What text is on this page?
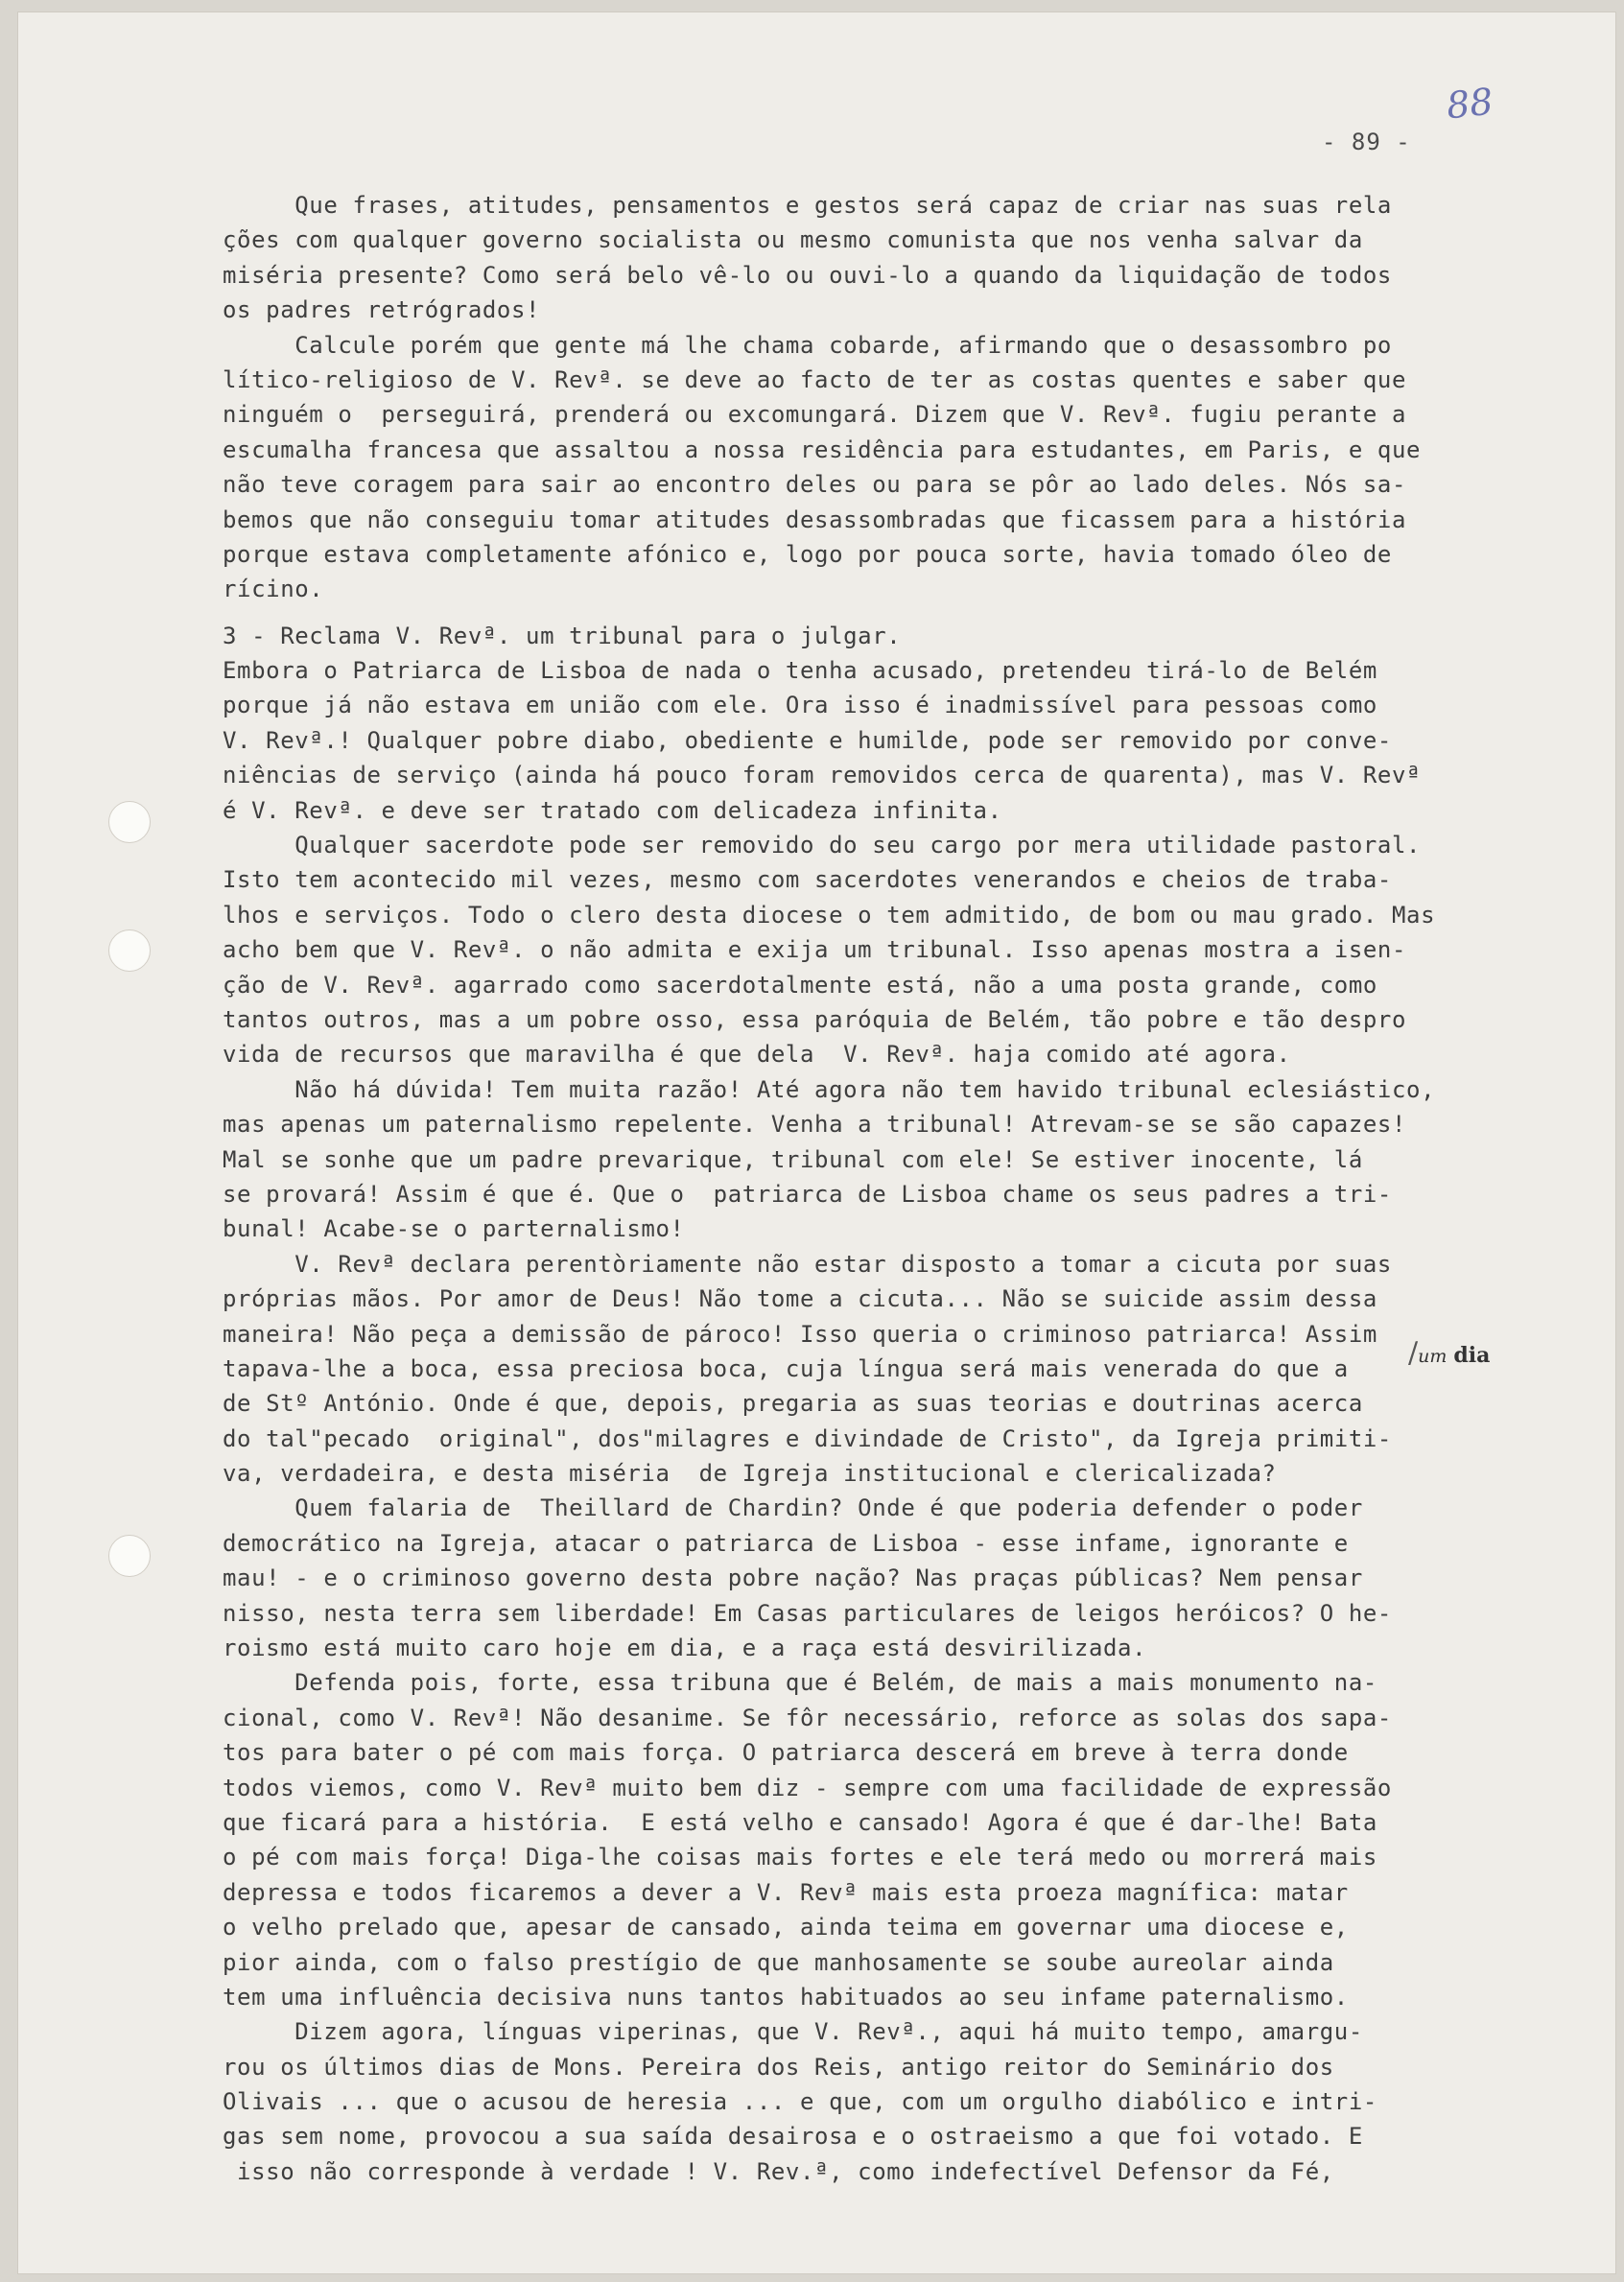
88
- 89 -
Que frases, atitudes, pensamentos e gestos será capaz de criar nas suas rela
ções com qualquer governo socialista ou mesmo comunista que nos venha salvar da
miséria presente? Como será belo vê-lo ou ouvi-lo a quando da liquidação de todos
os padres retrógrados!
Calcule porém que gente má lhe chama cobarde, afirmando que o desassombro po
lítico-religioso de V. Revª. se deve ao facto de ter as costas quentes e saber que
ninguém o  perseguirá, prenderá ou excomungará. Dizem que V. Revª. fugiu perante a
escumalha francesa que assaltou a nossa residência para estudantes, em Paris, e que
não teve coragem para sair ao encontro deles ou para se pôr ao lado deles. Nós sa-
bemos que não conseguiu tomar atitudes desassombradas que ficassem para a história
porque estava completamente afónico e, logo por pouca sorte, havia tomado óleo de
rícino.
3 - Reclama V. Revª. um tribunal para o julgar.
Embora o Patriarca de Lisboa de nada o tenha acusado, pretendeu tirá-lo de Belém
porque já não estava em união com ele. Ora isso é inadmissível para pessoas como
V. Revª.! Qualquer pobre diabo, obediente e humilde, pode ser removido por conve-
niências de serviço (ainda há pouco foram removidos cerca de quarenta), mas V. Revª
é V. Revª. e deve ser tratado com delicadeza infinita.
Qualquer sacerdote pode ser removido do seu cargo por mera utilidade pastoral.
Isto tem acontecido mil vezes, mesmo com sacerdotes venerandos e cheios de traba-
lhos e serviços. Todo o clero desta diocese o tem admitido, de bom ou mau grado. Mas
acho bem que V. Revª. o não admita e exija um tribunal. Isso apenas mostra a isen-
ção de V. Revª. agarrado como sacerdotalmente está, não a uma posta grande, como
tantos outros, mas a um pobre osso, essa paróquia de Belém, tão pobre e tão despro
vida de recursos que maravilha é que dela  V. Revª. haja comido até agora.
Não há dúvida! Tem muita razão! Até agora não tem havido tribunal eclesiástico,
mas apenas um paternalismo repelente. Venha a tribunal! Atrevam-se se são capazes!
Mal se sonhe que um padre prevarique, tribunal com ele! Se estiver inocente, lá
se provará! Assim é que é. Que o  patriarca de Lisboa chame os seus padres a tri-
bunal! Acabe-se o parternalismo!
V. Revª declara perentòriamente não estar disposto a tomar a cicuta por suas
próprias mãos. Por amor de Deus! Não tome a cicuta... Não se suicide assim dessa
maneira! Não peça a demissão de pároco! Isso queria o criminoso patriarca! Assim
tapava-lhe a boca, essa preciosa boca, cuja língua será mais venerada do que a
de Stº António. Onde é que, depois, pregaria as suas teorias e doutrinas acerca
do tal"pecado  original", dos"milagres e divindade de Cristo", da Igreja primiti-
va, verdadeira, e desta miséria  de Igreja institucional e clericalizada?
Quem falaria de  Theillard de Chardin? Onde é que poderia defender o poder
democrático na Igreja, atacar o patriarca de Lisboa - esse infame, ignorante e
mau! - e o criminoso governo desta pobre nação? Nas praças públicas? Nem pensar
nisso, nesta terra sem liberdade! Em Casas particulares de leigos heróicos? O he-
roismo está muito caro hoje em dia, e a raça está desvirilizada.
Defenda pois, forte, essa tribuna que é Belém, de mais a mais monumento na-
cional, como V. Revª! Não desanime. Se fôr necessário, reforce as solas dos sapa-
tos para bater o pé com mais força. O patriarca descerá em breve à terra donde
todos viemos, como V. Revª muito bem diz - sempre com uma facilidade de expressão
que ficará para a história.  E está velho e cansado! Agora é que é dar-lhe! Bata
o pé com mais força! Diga-lhe coisas mais fortes e ele terá medo ou morrerá mais
depressa e todos ficaremos a dever a V. Revª mais esta proeza magnífica: matar
o velho prelado que, apesar de cansado, ainda teima em governar uma diocese e,
pior ainda, com o falso prestígio de que manhosamente se soube aureolar ainda
tem uma influência decisiva nuns tantos habituados ao seu infame paternalismo.
Dizem agora, línguas viperinas, que V. Revª., aqui há muito tempo, amargu-
rou os últimos dias de Mons. Pereira dos Reis, antigo reitor do Seminário dos
Olivais ... que o acusou de heresia ... e que, com um orgulho diabólico e intri-
gas sem nome, provocou a sua saída desairosa e o ostraeismo a que foi votado. E
isso não corresponde à verdade ! V. Rev.ª, como indefectível Defensor da Fé,
/um dia
